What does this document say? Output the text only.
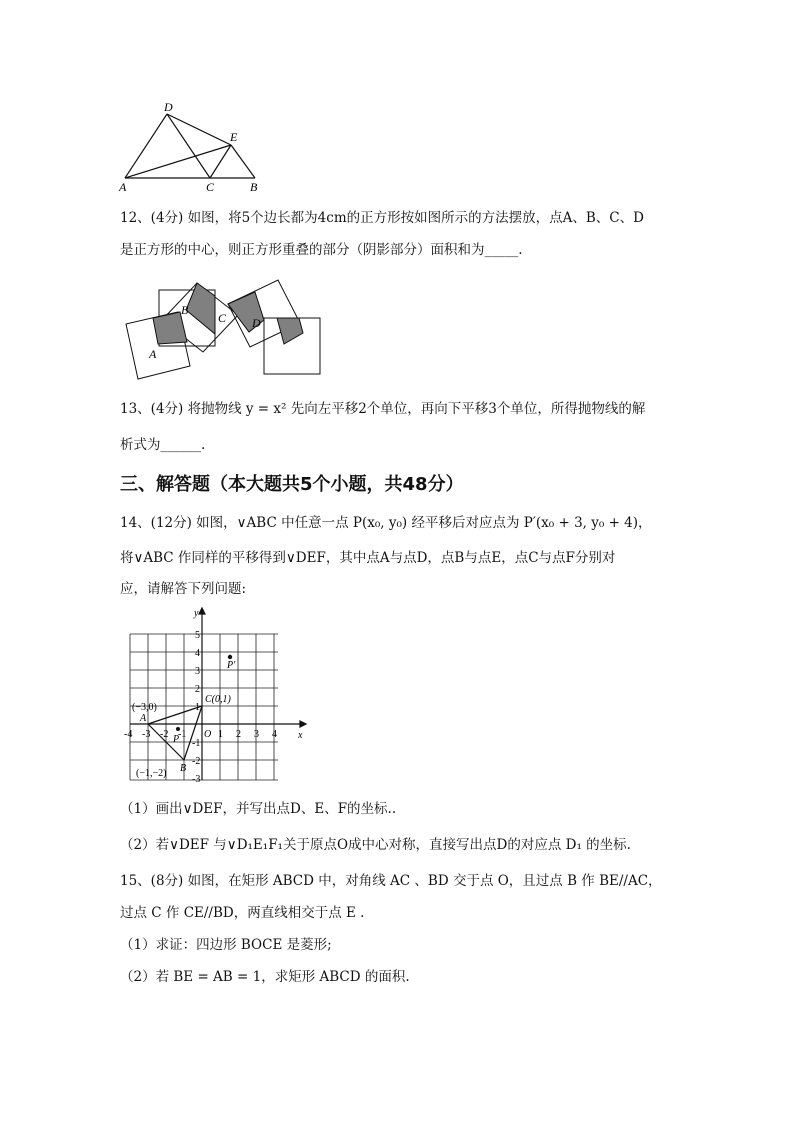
D
E
A	C	B
12、(4分) 如图，将5个边长都为4cm的正方形按如图所示的方法摆放，点A、B、C、D
是正方形的中心，则正方形重叠的部分（阴影部分）面积和为_____.
B
C D
A
13、(4分) 将抛物线 y = x² 先向左平移2个单位，再向下平移3个单位，所得抛物线的解
析式为______.
三、解答题（本大题共5个小题，共48分）
14、(12分) 如图，∨ABC 中任意一点 P(x₀, y₀) 经平移后对应点为 P′(x₀ + 3, y₀ + 4)，
将∨ABC 作同样的平移得到∨DEF，其中点A与点D，点B与点E，点C与点F分别对
应，请解答下列问题:
y
x
5
4
3
2
1
-1
-2
-3
-4 -3 -2 -1	1 2 3 4
P′
C(0,1)
(−3,0)
A
P O
B
(−1,−2)
（1）画出∨DEF，并写出点D、E、F的坐标..
（2）若∨DEF 与∨D₁E₁F₁关于原点O成中心对称，直接写出点D的对应点 D₁ 的坐标.
15、(8分) 如图，在矩形 ABCD 中，对角线 AC 、BD 交于点 O，且过点 B 作 BE//AC，
过点 C 作 CE//BD，两直线相交于点 E .
（1）求证：四边形 BOCE 是菱形;
（2）若 BE = AB = 1，求矩形 ABCD 的面积.
